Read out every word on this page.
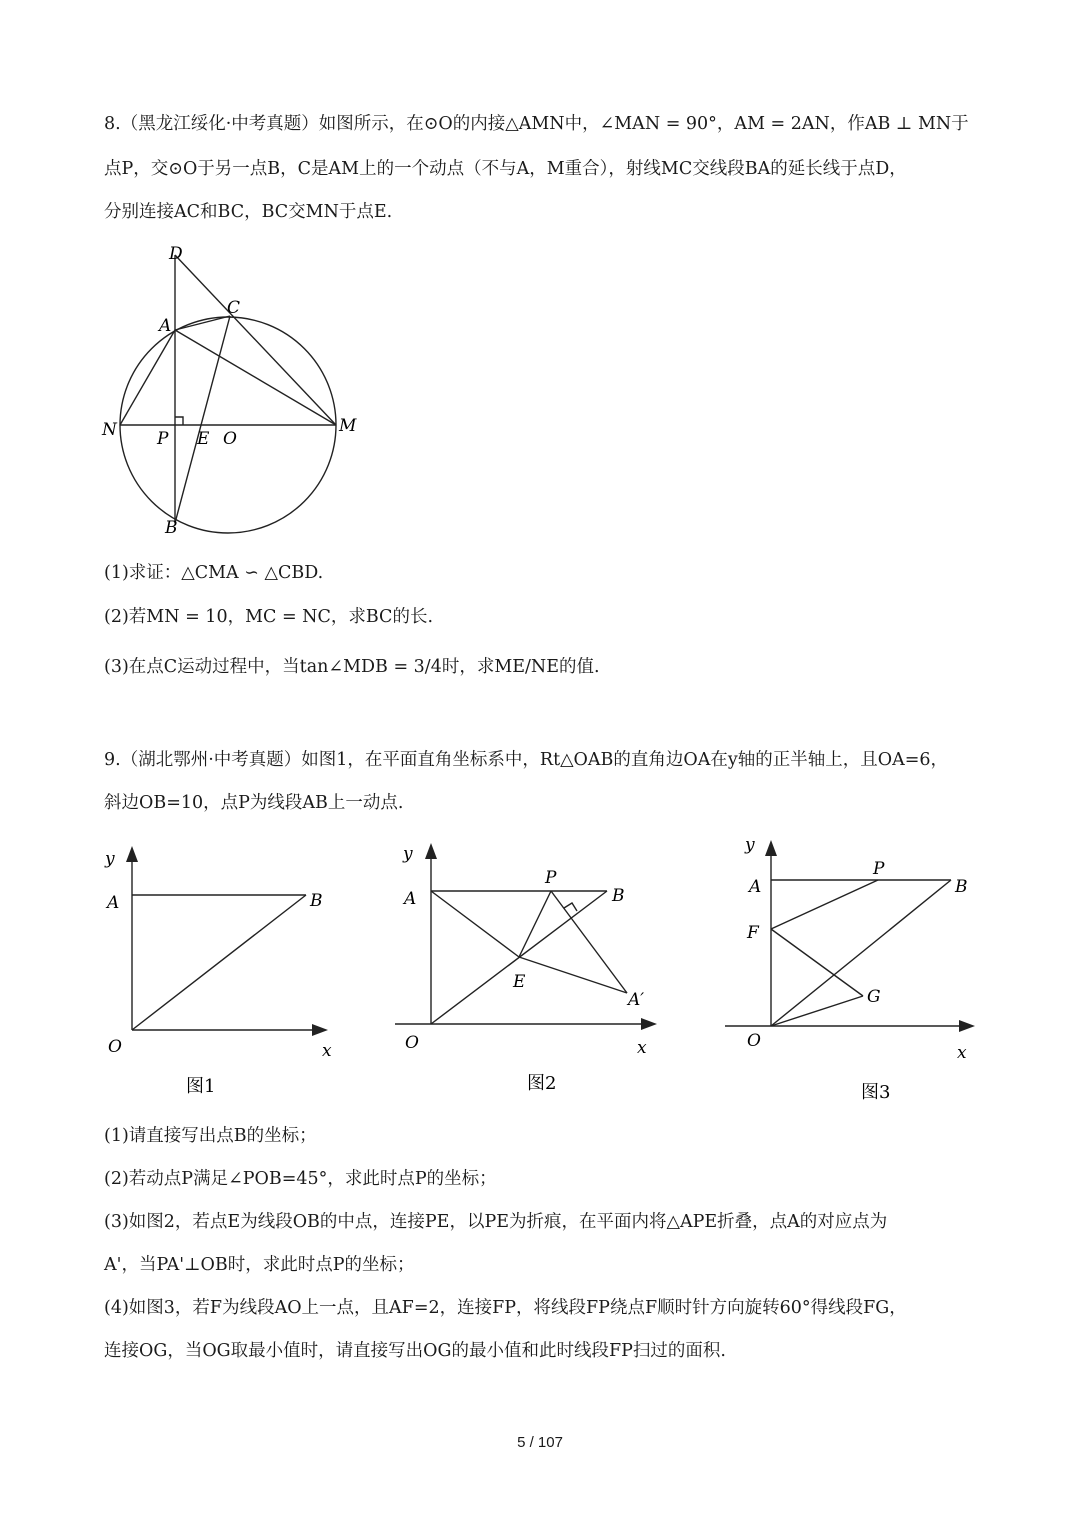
8.（黑龙江绥化·中考真题）如图所示，在⊙O的内接△AMN中，∠MAN = 90°，AM = 2AN，作AB ⊥ MN于
点P，交⊙O于另一点B，C是AM上的一个动点（不与A，M重合），射线MC交线段BA的延长线于点D，
分别连接AC和BC，BC交MN于点E.
D
C
A
N P E O
M
B
(1)求证：△CMA ∽ △CBD.
(2)若MN = 10，MC = NC，求BC的长.
(3)在点C运动过程中，当tan∠MDB = 3/4时，求ME/NE的值.
9.（湖北鄂州·中考真题）如图1，在平面直角坐标系中，Rt△OAB的直角边OA在y轴的正半轴上，且OA=6，
斜边OB=10，点P为线段AB上一动点.
y
x
O
A	B
图1
y
x
O
A	B
P
E
A′
图2
y
x
O
A	B
P
F
G
图3
(1)请直接写出点B的坐标；
(2)若动点P满足∠POB=45°，求此时点P的坐标；
(3)如图2，若点E为线段OB的中点，连接PE，以PE为折痕，在平面内将△APE折叠，点A的对应点为
A'，当PA'⊥OB时，求此时点P的坐标；
(4)如图3，若F为线段AO上一点，且AF=2，连接FP，将线段FP绕点F顺时针方向旋转60°得线段FG，
连接OG，当OG取最小值时，请直接写出OG的最小值和此时线段FP扫过的面积.
5 / 107
